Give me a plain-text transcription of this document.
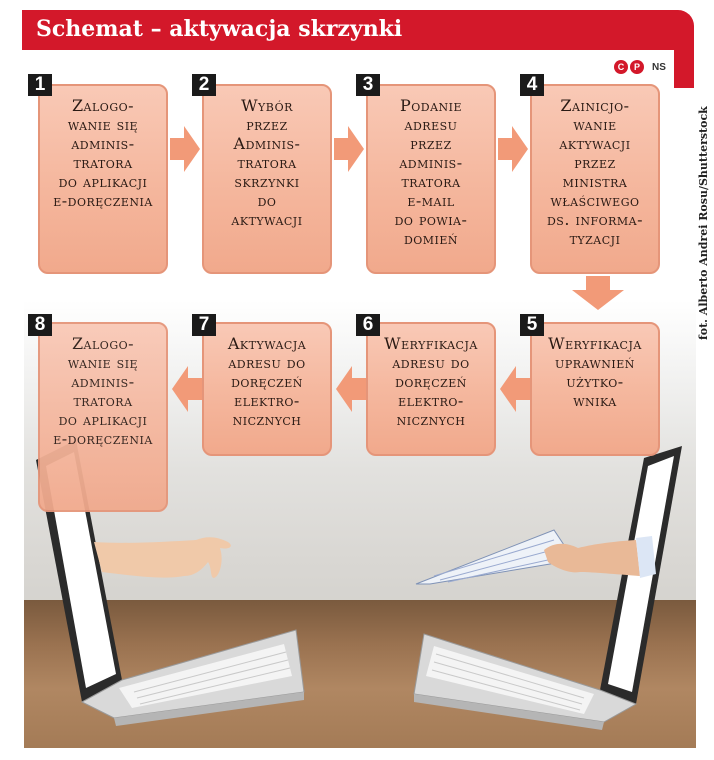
Schemat – aktywacja skrzynki
C	P	NS
fot. Alberto Andrei Rosu/Shutterstock
Zalogo-
wanie się
adminis-
tratora
do aplikacji
e-doręczenia
Wybór
przez
Adminis-
tratora
skrzynki
do
aktywacji
Podanie
adresu
przez
adminis-
tratora
e-mail
do powia-
domień
Zainicjo-
wanie
aktywacji
przez
ministra
właściwego
ds. informa-
tyzacji
Weryfikacja
uprawnień
użytko-
wnika
Weryfikacja
adresu do
doręczeń
elektro-
nicznych
Aktywacja
adresu do
doręczeń
elektro-
nicznych
Zalogo-
wanie się
adminis-
tratora
do aplikacji
e-doręczenia
1	2	3	4
5
6
7
8
